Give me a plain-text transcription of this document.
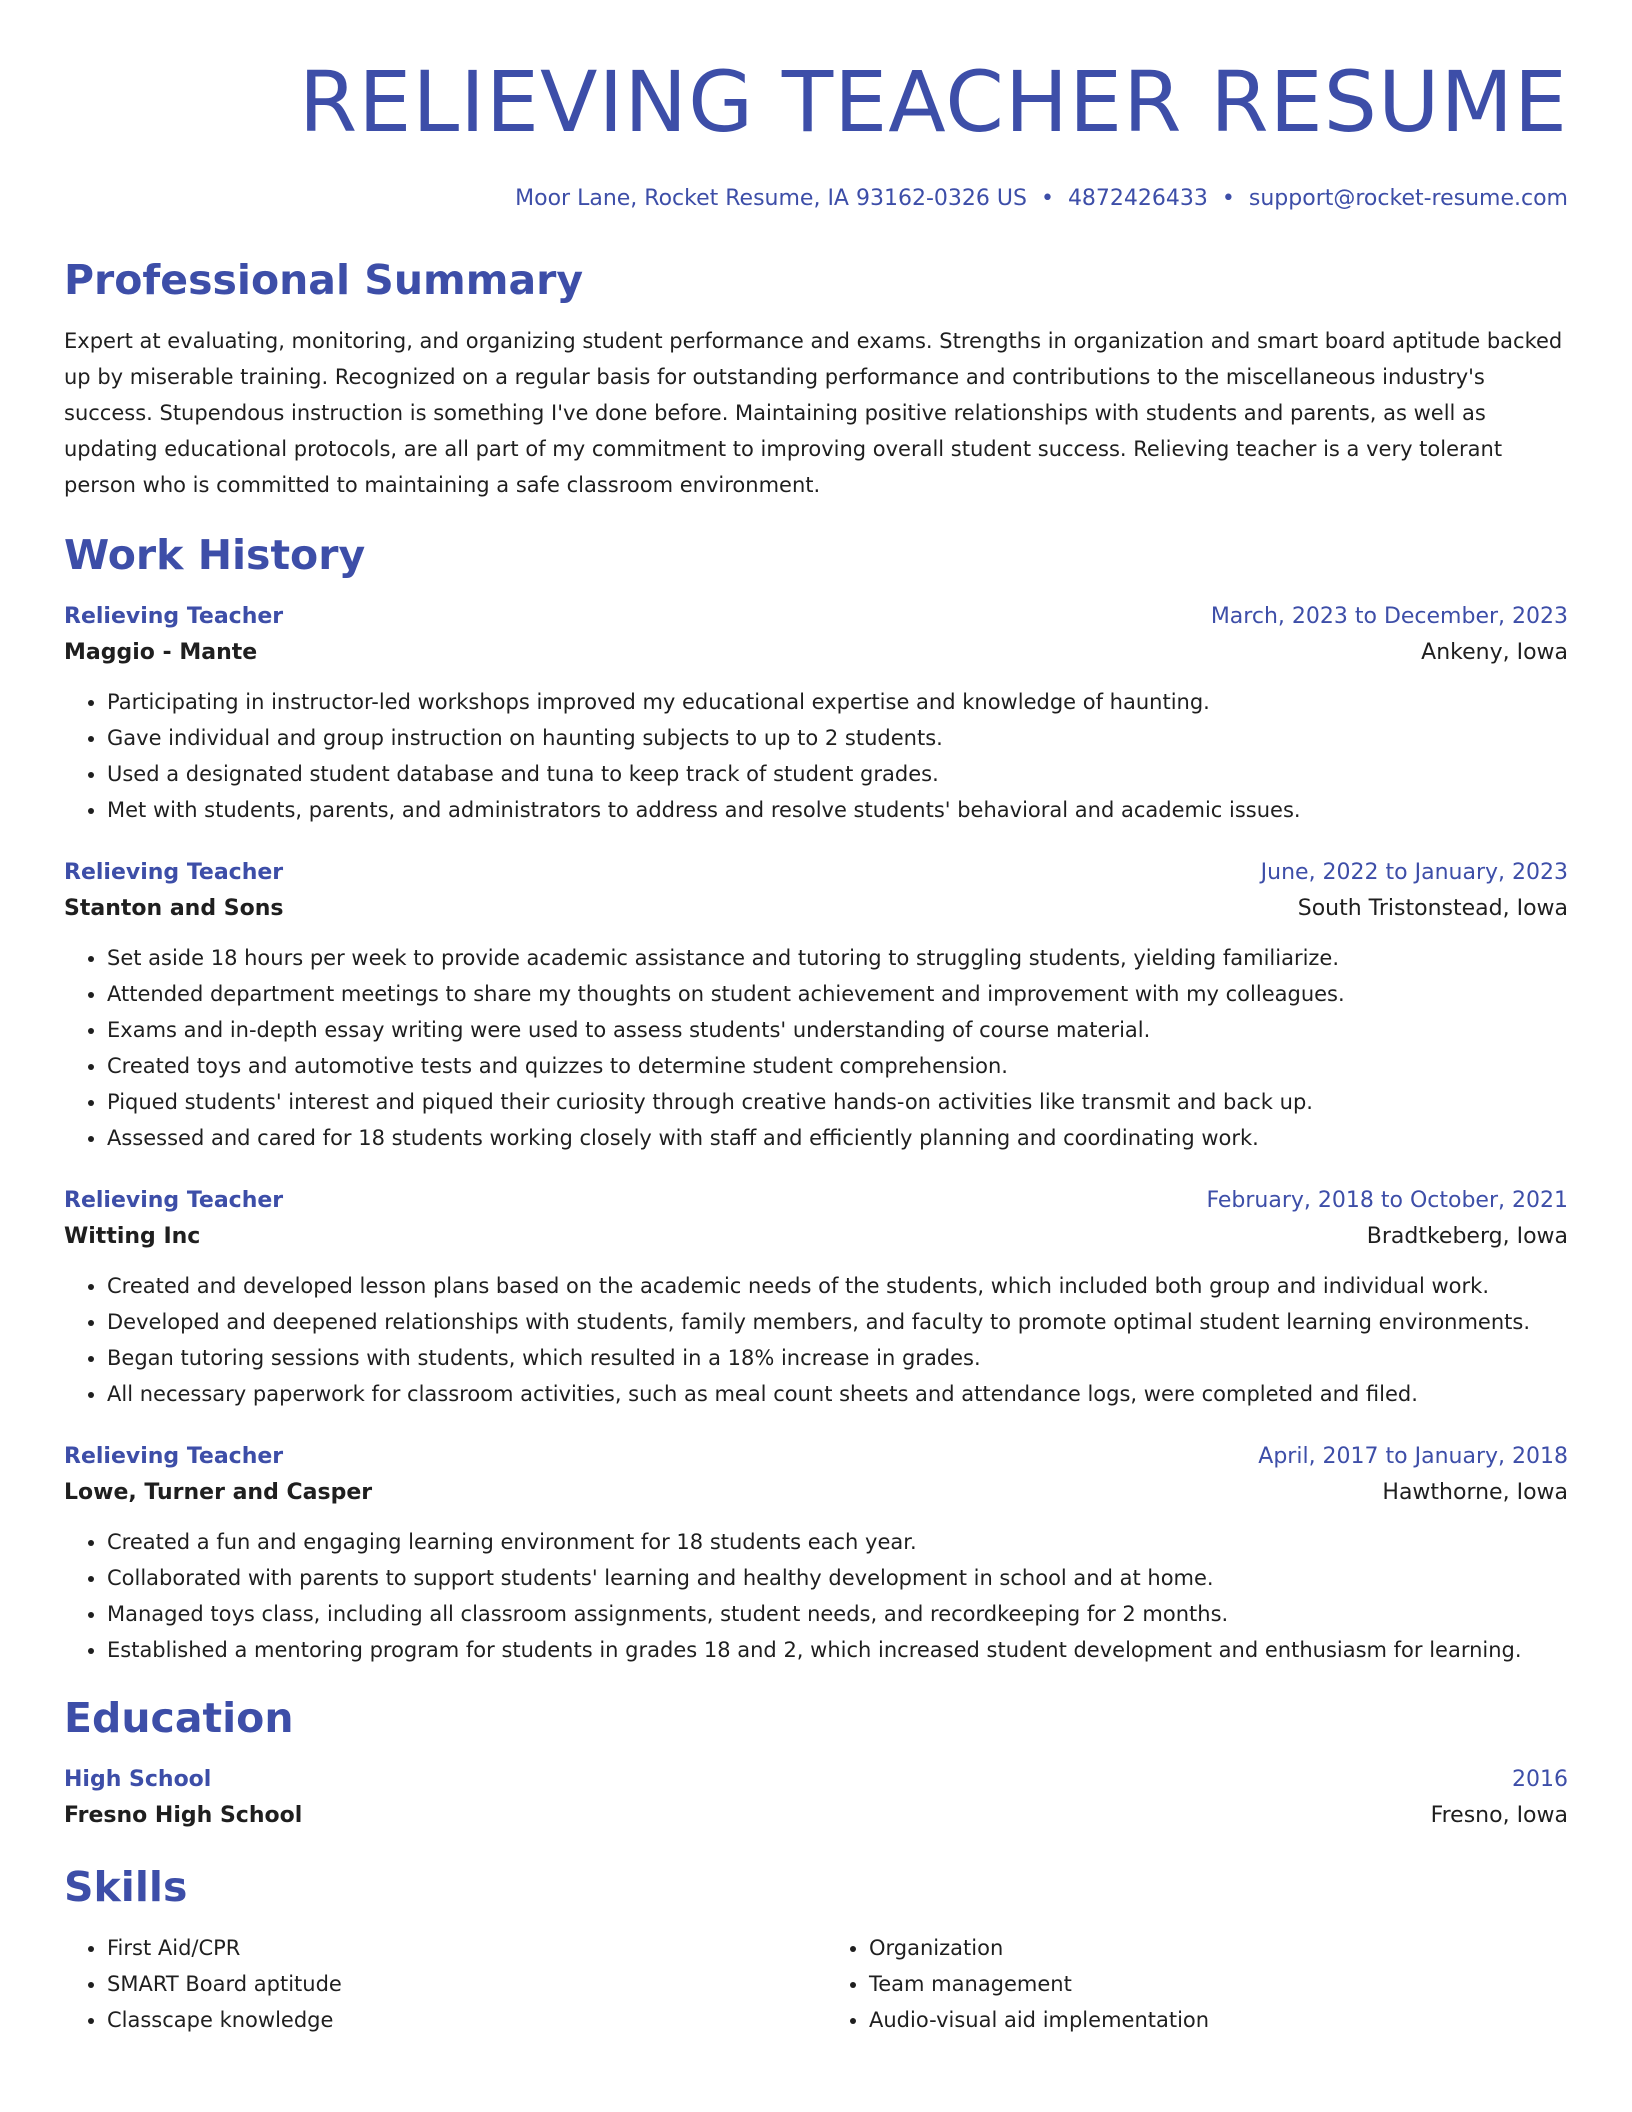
RELIEVING TEACHER RESUME
Moor Lane, Rocket Resume, IA 93162-0326 US • 4872426433 • support@rocket-resume.com
Professional Summary
Expert at evaluating, monitoring, and organizing student performance and exams. Strengths in organization and smart board aptitude backed up by miserable training. Recognized on a regular basis for outstanding performance and contributions to the miscellaneous industry's success. Stupendous instruction is something I've done before. Maintaining positive relationships with students and parents, as well as updating educational protocols, are all part of my commitment to improving overall student success. Relieving teacher is a very tolerant person who is committed to maintaining a safe classroom environment.
Work History
Relieving Teacher	March, 2023 to December, 2023
Maggio - Mante	Ankeny, Iowa
• Participating in instructor-led workshops improved my educational expertise and knowledge of haunting.
• Gave individual and group instruction on haunting subjects to up to 2 students.
• Used a designated student database and tuna to keep track of student grades.
• Met with students, parents, and administrators to address and resolve students' behavioral and academic issues.
Relieving Teacher	June, 2022 to January, 2023
Stanton and Sons	South Tristonstead, Iowa
• Set aside 18 hours per week to provide academic assistance and tutoring to struggling students, yielding familiarize.
• Attended department meetings to share my thoughts on student achievement and improvement with my colleagues.
• Exams and in-depth essay writing were used to assess students' understanding of course material.
• Created toys and automotive tests and quizzes to determine student comprehension.
• Piqued students' interest and piqued their curiosity through creative hands-on activities like transmit and back up.
• Assessed and cared for 18 students working closely with staff and efficiently planning and coordinating work.
Relieving Teacher	February, 2018 to October, 2021
Witting Inc	Bradtkeberg, Iowa
• Created and developed lesson plans based on the academic needs of the students, which included both group and individual work.
• Developed and deepened relationships with students, family members, and faculty to promote optimal student learning environments.
• Began tutoring sessions with students, which resulted in a 18% increase in grades.
• All necessary paperwork for classroom activities, such as meal count sheets and attendance logs, were completed and filed.
Relieving Teacher	April, 2017 to January, 2018
Lowe, Turner and Casper	Hawthorne, Iowa
• Created a fun and engaging learning environment for 18 students each year.
• Collaborated with parents to support students' learning and healthy development in school and at home.
• Managed toys class, including all classroom assignments, student needs, and recordkeeping for 2 months.
• Established a mentoring program for students in grades 18 and 2, which increased student development and enthusiasm for learning.
Education
High School	2016
Fresno High School	Fresno, Iowa
Skills
• First Aid/CPR
• SMART Board aptitude
• Classcape knowledge
• Organization
• Team management
• Audio-visual aid implementation
